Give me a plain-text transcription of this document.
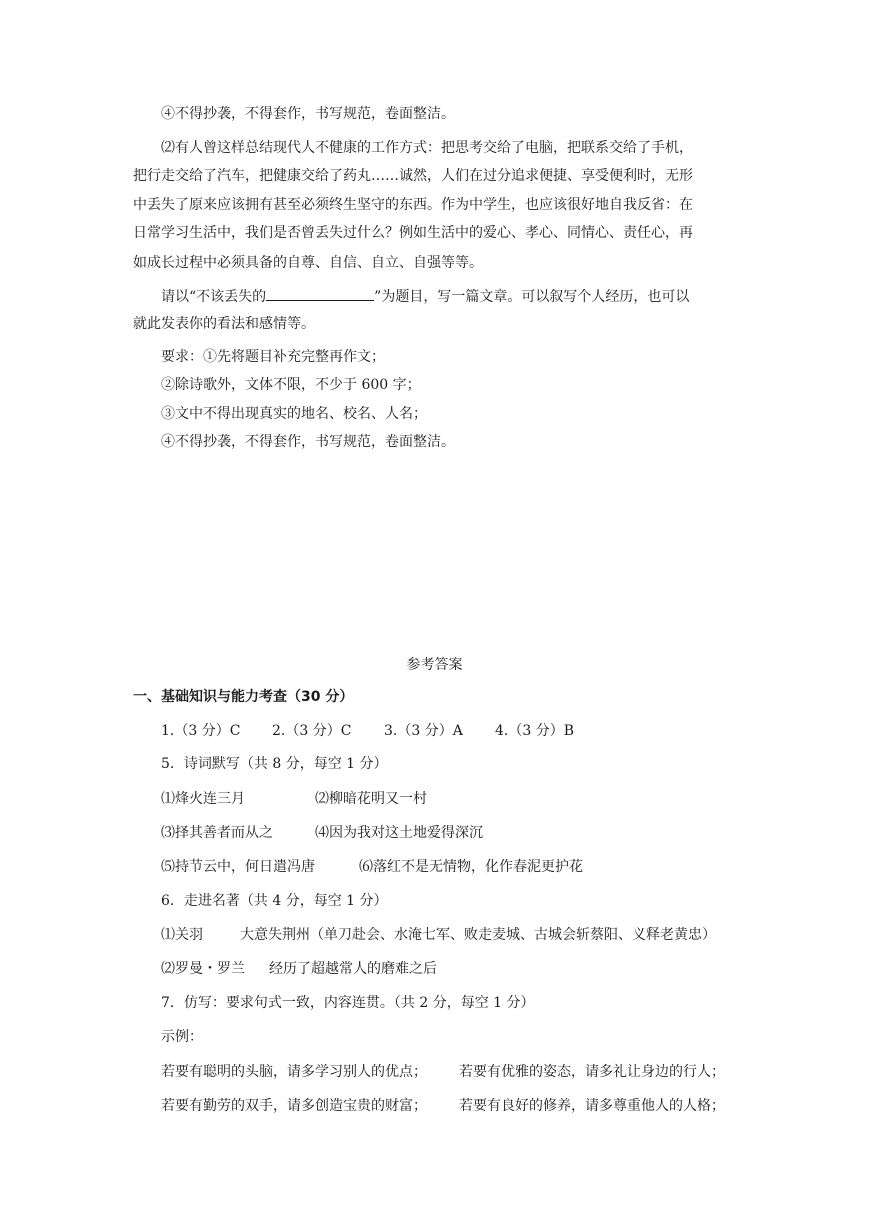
④不得抄袭，不得套作，书写规范，卷面整洁。
⑵有人曾这样总结现代人不健康的工作方式：把思考交给了电脑，把联系交给了手机，
把行走交给了汽车，把健康交给了药丸……诚然，人们在过分追求便捷、享受便利时，无形
中丢失了原来应该拥有甚至必须终生坚守的东西。作为中学生，也应该很好地自我反省：在
日常学习生活中，我们是否曾丢失过什么？例如生活中的爱心、孝心、同情心、责任心，再
如成长过程中必须具备的自尊、自信、自立、自强等等。
请以“不该丢失的	”为题目，写一篇文章。可以叙写个人经历，也可以
就此发表你的看法和感情等。
要求：①先将题目补充完整再作文；
②除诗歌外，文体不限，不少于 600 字；
③文中不得出现真实的地名、校名、人名；
④不得抄袭，不得套作，书写规范，卷面整洁。
参考答案
一、基础知识与能力考查（30 分）
1.（3 分）C 2.（3 分）C 3.（3 分）A 4.（3 分）B
5．诗词默写（共 8 分，每空 1 分）
⑴烽火连三月	⑵柳暗花明又一村
⑶择其善者而从之	⑷因为我对这土地爱得深沉
⑸持节云中，何日遣冯唐	⑹落红不是无情物，化作春泥更护花
6．走进名著（共 4 分，每空 1 分）
⑴关羽	大意失荆州（单刀赴会、水淹七军、败走麦城、古城会斩蔡阳、义释老黄忠）
⑵罗曼・罗兰 经历了超越常人的磨难之后
7．仿写：要求句式一致，内容连贯。（共 2 分，每空 1 分）
示例：
若要有聪明的头脑，请多学习别人的优点； 若要有优雅的姿态，请多礼让身边的行人；
若要有勤劳的双手，请多创造宝贵的财富； 若要有良好的修养，请多尊重他人的人格；
